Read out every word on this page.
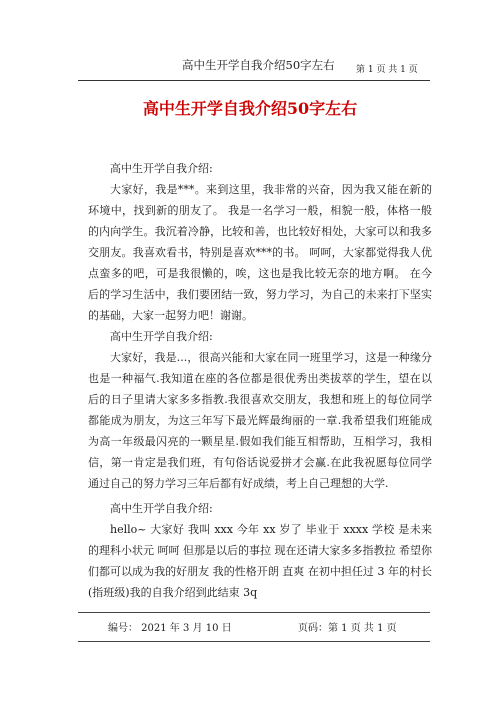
高中生开学自我介绍50字左右 第 1 页 共 1 页
高中生开学自我介绍50字左右

高中生开学自我介绍:

大家好，我是***。来到这里，我非常的兴奋，因为我又能在新的环境中，找到新的朋友了。 我是一名学习一般，相貌一般，体格一般的内向学生。我沉着冷静，比较和善，也比较好相处，大家可以和我多交朋友。我喜欢看书，特别是喜欢***的书。 呵呵，大家都觉得我人优点蛮多的吧，可是我很懒的，唉，这也是我比较无奈的地方啊。 在今后的学习生活中，我们要团结一致，努力学习，为自己的未来打下坚实的基础，大家一起努力吧！谢谢。

高中生开学自我介绍:

大家好，我是...，很高兴能和大家在同一班里学习，这是一种缘分也是一种福气.我知道在座的各位都是很优秀出类拔萃的学生，望在以后的日子里请大家多多指教.我很喜欢交朋友，我想和班上的每位同学都能成为朋友，为这三年写下最光辉最绚丽的一章.我希望我们班能成为高一年级最闪亮的一颗星星.假如我们能互相帮助，互相学习，我相信，第一肯定是我们班，有句俗话说爱拼才会赢.在此我祝愿每位同学通过自己的努力学习三年后都有好成绩，考上自己理想的大学.

高中生开学自我介绍:

hello~ 大家好 我叫 xxx 今年 xx 岁了 毕业于 xxxx 学校 是未来的理科小状元 呵呵 但那是以后的事拉 现在还请大家多多指教拉 希望你们都可以成为我的好朋友 我的性格开朗 直爽 在初中担任过 3 年的村长(指班级)我的自我介绍到此结束 3q

编号： 2021 年 3 月 10 日	页码：第 1 页 共 1 页
